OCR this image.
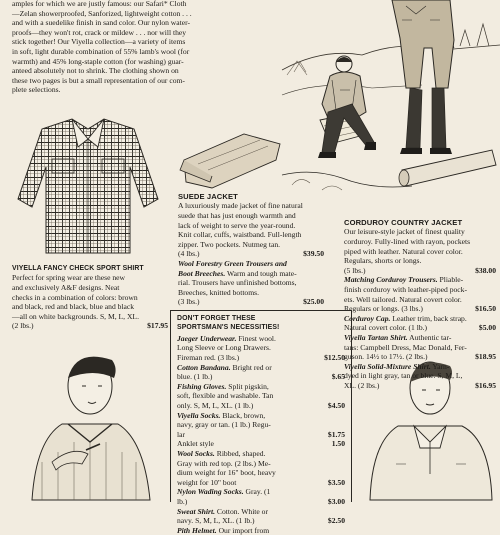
amples for which we are justly famous: our Safari* Cloth
—Zelan showerproofed, Sanforized, lightweight cotton . . .
and with a suedelike finish in sand color. Our nylon water-
proofs—they won't rot, crack or mildew . . . nor will they
stick together! Our Viyella collection—a variety of items
in soft, light durable combination of 55% lamb's wool (for
warmth) and 45% long-staple cotton (for washing) guar-
anteed absolutely not to shrink. The clothing shown on
these two pages is but a small representation of our com-
plete selections.
VIYELLA FANCY CHECK SPORT SHIRT
Perfect for spring wear are these new
and exclusively A&F designs. Neat
checks in a combination of colors: brown
and black, red and black, blue and black
—all on white backgrounds. S, M, L, XL.
(2 lbs.)	$17.95
SUEDE JACKET
A luxuriously made jacket of fine natural
suede that has just enough warmth and
lack of weight to serve the year-round.
Knit collar, cuffs, waistband. Full-length
zipper. Two pockets. Nutmeg tan.
(4 lbs.)	$39.50
Wool Forestry Green Trousers and
Boot Breeches. Warm and tough mate-
rial. Trousers have unfinished bottoms,
Breeches, knitted bottoms.
(3 lbs.)	$25.00
CORDUROY COUNTRY JACKET
Our leisure-style jacket of finest quality
corduroy. Fully-lined with rayon, pockets
piped with leather. Natural cover color.
Regulars, shorts or longs.
(5 lbs.)	$38.00
Matching Corduroy Trousers. Pliable-
finish corduroy with leather-piped pock-
ets. Well tailored. Natural covert color.
Regulars or longs. (3 lbs.)	$16.50
Corduroy Cap. Leather trim, back strap.
Natural covert color. (1 lb.)	$5.00
Viyella Tartan Shirt. Authentic tar-
tans: Campbell Dress, Mac Donald, Fer-
guson. 14½ to 17½. (2 lbs.)	$18.95
Viyella Solid-Mixture Shirt. Yarn-
dyed in light gray, tan or blue. S, M, L,
XL. (2 lbs.)	$16.95
DON'T FORGET THESE
SPORTSMAN'S NECESSITIES!
Jaeger Underwear. Finest wool.
Long Sleeve or Long Drawers.
Fireman red. (3 lbs.)	$12.50
Cotton Bandana. Bright red or
blue. (1 lb.)	$.65
Fishing Gloves. Split pigskin,
soft, flexible and washable. Tan
only. S, M, L, XL. (1 lb.)	$4.50
Viyella Socks. Black, brown,
navy, gray or tan. (1 lb.) Regu-
lar	$1.75
Anklet style	1.50
Wool Socks. Ribbed, shaped.
Gray with red top. (2 lbs.) Me-
dium weight for 16" boot, heavy
weight for 10" boot	$3.50
Nylon Wading Socks. Gray. (1
lb.)	$3.00
Sweat Shirt. Cotton. White or
navy. S, M, L, XL. (1 lb.)	$2.50
Pith Helmet. Our import from
